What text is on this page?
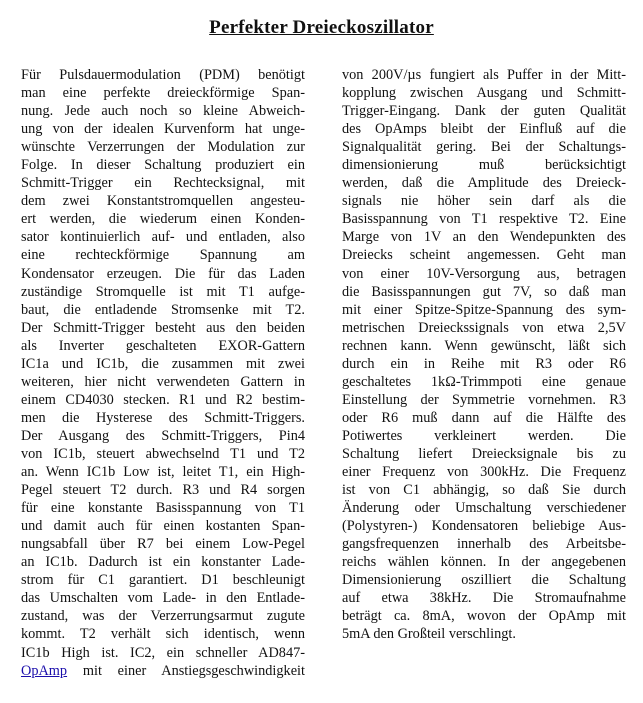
Perfekter Dreieckoszillator
Für Pulsdauermodulation (PDM) benötigt
man eine perfekte dreieckförmige Span-
nung. Jede auch noch so kleine Abweich-
ung von der idealen Kurvenform hat unge-
wünschte Verzerrungen der Modulation zur
Folge. In dieser Schaltung produziert ein
Schmitt-Trigger ein Rechtecksignal, mit
dem zwei Konstantstromquellen angesteu-
ert werden, die wiederum einen Konden-
sator kontinuierlich auf- und entladen, also
eine rechteckförmige Spannung am
Kondensator erzeugen. Die für das Laden
zuständige Stromquelle ist mit T1 aufge-
baut, die entladende Stromsenke mit T2.
Der Schmitt-Trigger besteht aus den beiden
als Inverter geschalteten EXOR-Gattern
IC1a und IC1b, die zusammen mit zwei
weiteren, hier nicht verwendeten Gattern in
einem CD4030 stecken. R1 und R2 bestim-
men die Hysterese des Schmitt-Triggers.
Der Ausgang des Schmitt-Triggers, Pin4
von IC1b, steuert abwechselnd T1 und T2
an. Wenn IC1b Low ist, leitet T1, ein High-
Pegel steuert T2 durch. R3 und R4 sorgen
für eine konstante Basisspannung von T1
und damit auch für einen kostanten Span-
nungsabfall über R7 bei einem Low-Pegel
an IC1b. Dadurch ist ein konstanter Lade-
strom für C1 garantiert. D1 beschleunigt
das Umschalten vom Lade- in den Entlade-
zustand, was der Verzerrungsarmut zugute
kommt. T2 verhält sich identisch, wenn
IC1b High ist. IC2, ein schneller AD847-
OpAmp mit einer Anstiegsgeschwindigkeit
von 200V/µs fungiert als Puffer in der Mitt-
kopplung zwischen Ausgang und Schmitt-
Trigger-Eingang. Dank der guten Qualität
des OpAmps bleibt der Einfluß auf die
Signalqualität gering. Bei der Schaltungs-
dimensionierung muß berücksichtigt
werden, daß die Amplitude des Dreieck-
signals nie höher sein darf als die
Basisspannung von T1 respektive T2. Eine
Marge von 1V an den Wendepunkten des
Dreiecks scheint angemessen. Geht man
von einer 10V-Versorgung aus, betragen
die Basisspannungen gut 7V, so daß man
mit einer Spitze-Spitze-Spannung des sym-
metrischen Dreieckssignals von etwa 2,5V
rechnen kann. Wenn gewünscht, läßt sich
durch ein in Reihe mit R3 oder R6
geschaltetes 1kΩ-Trimmpoti eine genaue
Einstellung der Symmetrie vornehmen. R3
oder R6 muß dann auf die Hälfte des
Potiwertes verkleinert werden. Die
Schaltung liefert Dreiecksignale bis zu
einer Frequenz von 300kHz. Die Frequenz
ist von C1 abhängig, so daß Sie durch
Änderung oder Umschaltung verschiedener
(Polystyren-) Kondensatoren beliebige Aus-
gangsfrequenzen innerhalb des Arbeitsbe-
reichs wählen können. In der angegebenen
Dimensionierung oszilliert die Schaltung
auf etwa 38kHz. Die Stromaufnahme
beträgt ca. 8mA, wovon der OpAmp mit
5mA den Großteil verschlingt.
